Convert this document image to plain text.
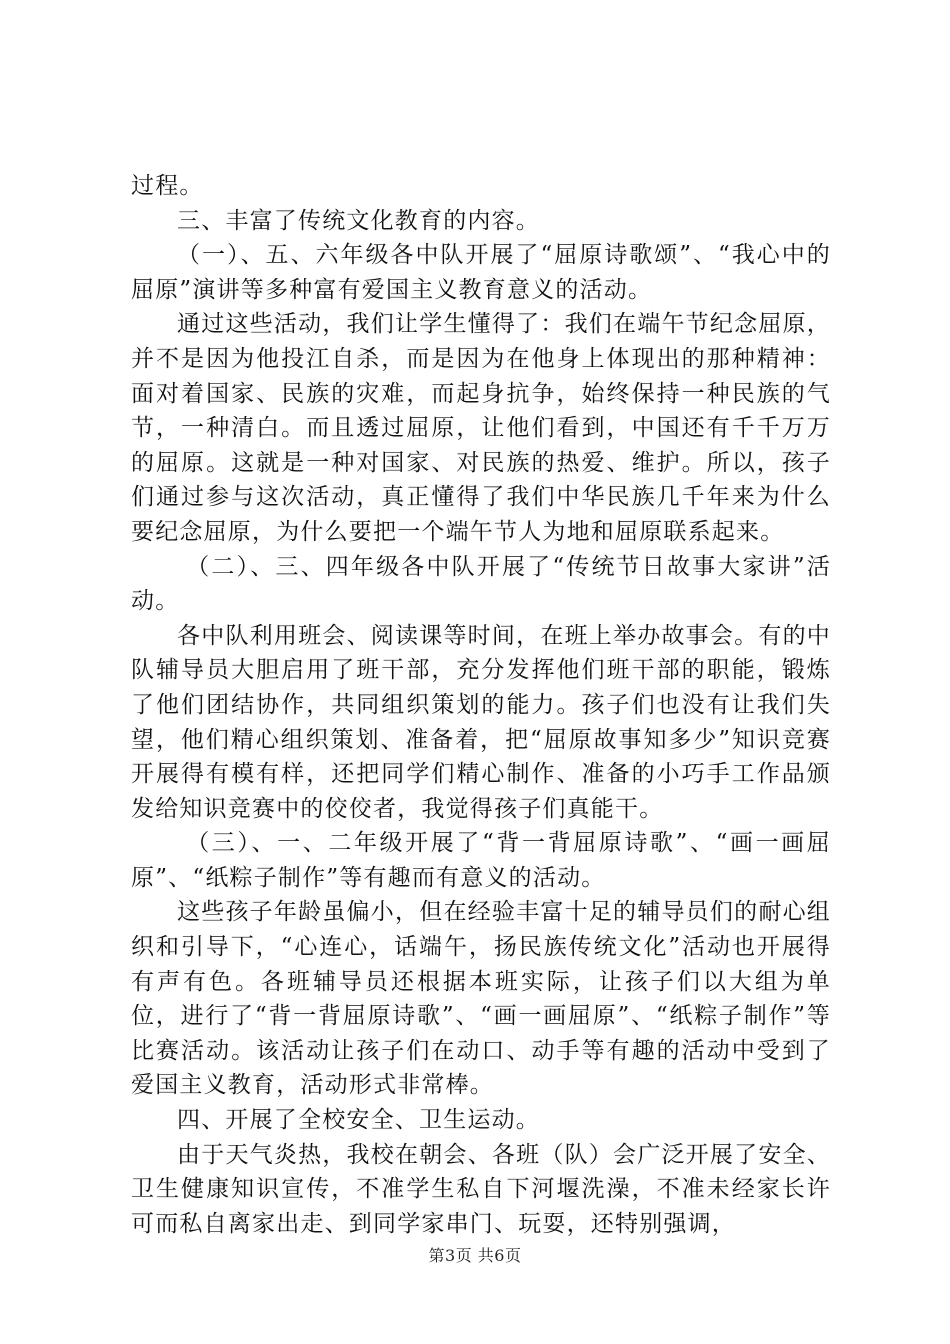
过程。

三、丰富了传统文化教育的内容。

（一）、五、六年级各中队开展了“屈原诗歌颂”、“我心中的屈原”演讲等多种富有爱国主义教育意义的活动。

通过这些活动，我们让学生懂得了：我们在端午节纪念屈原，并不是因为他投江自杀，而是因为在他身上体现出的那种精神：面对着国家、民族的灾难，而起身抗争，始终保持一种民族的气节，一种清白。而且透过屈原，让他们看到，中国还有千千万万的屈原。这就是一种对国家、对民族的热爱、维护。所以，孩子们通过参与这次活动，真正懂得了我们中华民族几千年来为什么要纪念屈原，为什么要把一个端午节人为地和屈原联系起来。

（二）、三、四年级各中队开展了“传统节日故事大家讲”活动。

各中队利用班会、阅读课等时间，在班上举办故事会。有的中队辅导员大胆启用了班干部，充分发挥他们班干部的职能，锻炼了他们团结协作，共同组织策划的能力。孩子们也没有让我们失望，他们精心组织策划、准备着，把“屈原故事知多少”知识竞赛开展得有模有样，还把同学们精心制作、准备的小巧手工作品颁发给知识竞赛中的佼佼者，我觉得孩子们真能干。

（三）、一、二年级开展了“背一背屈原诗歌”、“画一画屈原”、“纸粽子制作”等有趣而有意义的活动。

这些孩子年龄虽偏小，但在经验丰富十足的辅导员们的耐心组织和引导下，“心连心，话端午，扬民族传统文化”活动也开展得有声有色。各班辅导员还根据本班实际，让孩子们以大组为单位，进行了“背一背屈原诗歌”、“画一画屈原”、“纸粽子制作”等比赛活动。该活动让孩子们在动口、动手等有趣的活动中受到了爱国主义教育，活动形式非常棒。

四、开展了全校安全、卫生运动。

由于天气炎热，我校在朝会、各班（队）会广泛开展了安全、卫生健康知识宣传，不准学生私自下河堰洗澡，不准未经家长许可而私自离家出走、到同学家串门、玩耍，还特别强调，

第3页 共6页
